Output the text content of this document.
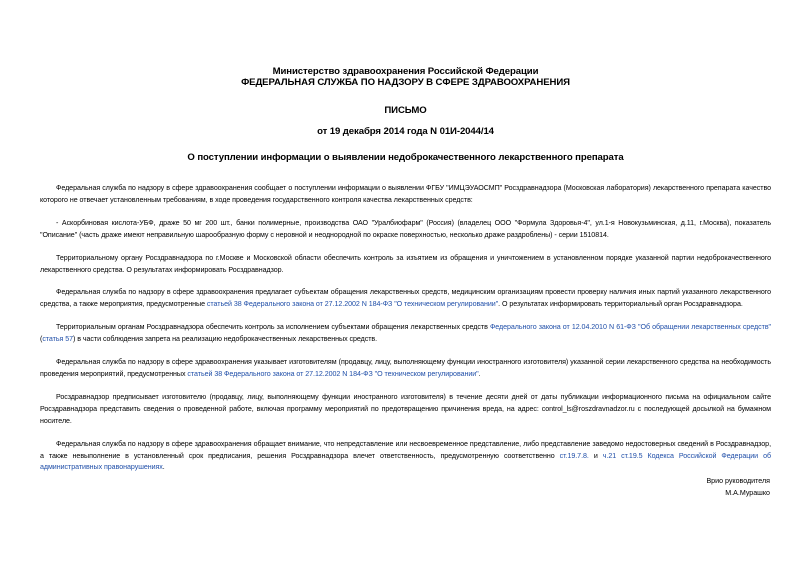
Министерство здравоохранения Российской Федерации
ФЕДЕРАЛЬНАЯ СЛУЖБА ПО НАДЗОРУ В СФЕРЕ ЗДРАВООХРАНЕНИЯ
ПИСЬМО
от 19 декабря 2014 года N 01И-2044/14
О поступлении информации о выявлении недоброкачественного лекарственного препарата

Федеральная служба по надзору в сфере здравоохранения сообщает о поступлении информации о выявлении ФГБУ "ИМЦЭУАОСМП" Росздравнадзора (Московская лаборатория) лекарственного препарата качество которого не отвечает установленным требованиям, в ходе проведения государственного контроля качества лекарственных средств:

- Аскорбиновая кислота-УБФ, драже 50 мг 200 шт., банки полимерные, производства ОАО "Уралбиофарм" (Россия) (владелец ООО "Формула Здоровья-4", ул.1-я Новокузьминская, д.11, г.Москва), показатель "Описание" (часть драже имеют неправильную шарообразную форму с неровной и неоднородной по окраске поверхностью, несколько драже раздроблены) - серии 1510814.

Территориальному органу Росздравнадзора по г.Москве и Московской области обеспечить контроль за изъятием из обращения и уничтожением в установленном порядке указанной партии недоброкачественного лекарственного средства. О результатах информировать Росздравнадзор.

Федеральная служба по надзору в сфере здравоохранения предлагает субъектам обращения лекарственных средств, медицинским организациям провести проверку наличия иных партий указанного лекарственного средства, а также мероприятия, предусмотренные статьей 38 Федерального закона от 27.12.2002 N 184-ФЗ "О техническом регулировании". О результатах информировать территориальный орган Росздравнадзора.

Территориальным органам Росздравнадзора обеспечить контроль за исполнением субъектами обращения лекарственных средств Федерального закона от 12.04.2010 N 61-ФЗ "Об обращении лекарственных средств" (статья 57) в части соблюдения запрета на реализацию недоброкачественных лекарственных средств.

Федеральная служба по надзору в сфере здравоохранения указывает изготовителям (продавцу, лицу, выполняющему функции иностранного изготовителя) указанной серии лекарственного средства на необходимость проведения мероприятий, предусмотренных статьей 38 Федерального закона от 27.12.2002 N 184-ФЗ "О техническом регулировании".

Росздравнадзор предписывает изготовителю (продавцу, лицу, выполняющему функции иностранного изготовителя) в течение десяти дней от даты публикации информационного письма на официальном сайте Росздравнадзора представить сведения о проведенной работе, включая программу мероприятий по предотвращению причинения вреда, на адрес: control_ls@roszdravnadzor.ru с последующей досылкой на бумажном носителе.

Федеральная служба по надзору в сфере здравоохранения обращает внимание, что непредставление или несвоевременное представление, либо представление заведомо недостоверных сведений в Росздравнадзор, а также невыполнение в установленный срок предписания, решения Росздравнадзора влечет ответственность, предусмотренную соответственно ст.19.7.8. и ч.21 ст.19.5 Кодекса Российской Федерации об административных правонарушениях.

Врио руководителя
М.А.Мурашко
